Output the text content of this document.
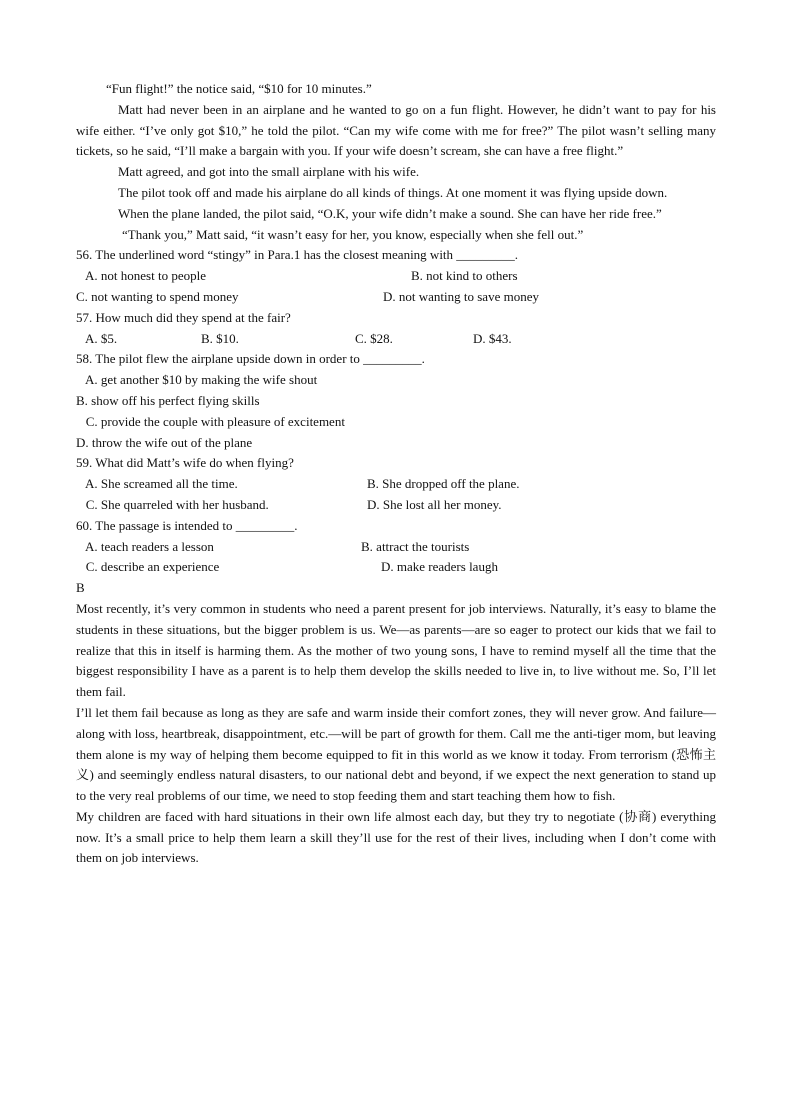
“Fun flight!” the notice said, “$10 for 10 minutes.”

Matt had never been in an airplane and he wanted to go on a fun flight. However, he didn’t want to pay for his wife either. “I’ve only got $10,” he told the pilot. “Can my wife come with me for free?” The pilot wasn’t selling many tickets, so he said, “I’ll make a bargain with you. If your wife doesn’t scream, she can have a free flight.”

Matt agreed, and got into the small airplane with his wife.

The pilot took off and made his airplane do all kinds of things. At one moment it was flying upside down.

When the plane landed, the pilot said, “O.K, your wife didn’t make a sound. She can have her ride free.”

“Thank you,” Matt said, “it wasn’t easy for her, you know, especially when she fell out.”

56. The underlined word “stingy” in Para.1 has the closest meaning with _________.

A. not honest to people	B. not kind to others
C. not wanting to spend money	D. not wanting to save money

57. How much did they spend at the fair?

A. $5.	B. $10.	C. $28.	D. $43.

58. The pilot flew the airplane upside down in order to _________.

A. get another $10 by making the wife shout
B. show off his perfect flying skills
C. provide the couple with pleasure of excitement
D. throw the wife out of the plane

59. What did Matt’s wife do when flying?

A. She screamed all the time.	B. She dropped off the plane.
C. She quarreled with her husband.	D. She lost all her money.

60. The passage is intended to _________.

A. teach readers a lesson	B. attract the tourists
C. describe an experience	D. make readers laugh

B

Most recently, it’s very common in students who need a parent present for job interviews. Naturally, it’s easy to blame the students in these situations, but the bigger problem is us. We—as parents—are so eager to protect our kids that we fail to realize that this in itself is harming them. As the mother of two young sons, I have to remind myself all the time that the biggest responsibility I have as a parent is to help them develop the skills needed to live in, to live without me. So, I’ll let them fail.

I’ll let them fail because as long as they are safe and warm inside their comfort zones, they will never grow. And failure—along with loss, heartbreak, disappointment, etc.—will be part of growth for them. Call me the anti-tiger mom, but leaving them alone is my way of helping them become equipped to fit in this world as we know it today. From terrorism (恐怖主义) and seemingly endless natural disasters, to our national debt and beyond, if we expect the next generation to stand up to the very real problems of our time, we need to stop feeding them and start teaching them how to fish.

My children are faced with hard situations in their own life almost each day, but they try to negotiate (协商) everything now. It’s a small price to help them learn a skill they’ll use for the rest of their lives, including when I don’t come with them on job interviews.
